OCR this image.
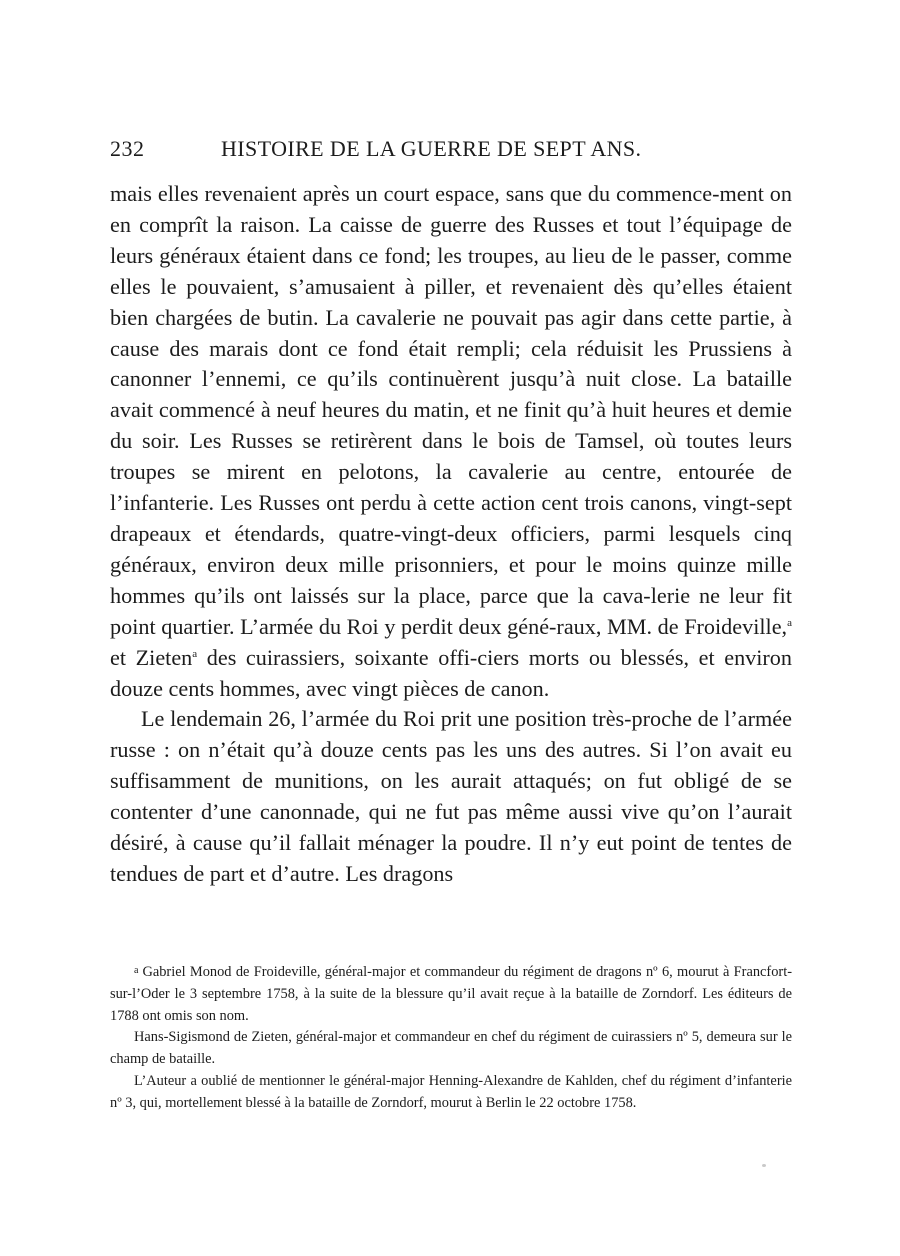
232	HISTOIRE DE LA GUERRE DE SEPT ANS.

mais elles revenaient après un court espace, sans que du commence-ment on en comprît la raison. La caisse de guerre des Russes et tout l’équipage de leurs généraux étaient dans ce fond; les troupes, au lieu de le passer, comme elles le pouvaient, s’amusaient à piller, et revenaient dès qu’elles étaient bien chargées de butin. La cavalerie ne pouvait pas agir dans cette partie, à cause des marais dont ce fond était rempli; cela réduisit les Prussiens à canonner l’ennemi, ce qu’ils continuèrent jusqu’à nuit close. La bataille avait commencé à neuf heures du matin, et ne finit qu’à huit heures et demie du soir. Les Russes se retirèrent dans le bois de Tamsel, où toutes leurs troupes se mirent en pelotons, la cavalerie au centre, entourée de l’infanterie. Les Russes ont perdu à cette action cent trois canons, vingt-sept drapeaux et étendards, quatre-vingt-deux officiers, parmi lesquels cinq généraux, environ deux mille prisonniers, et pour le moins quinze mille hommes qu’ils ont laissés sur la place, parce que la cava-lerie ne leur fit point quartier. L’armée du Roi y perdit deux géné-raux, MM. de Froideville,$^a$ et Zieten$^a$ des cuirassiers, soixante offi-ciers morts ou blessés, et environ douze cents hommes, avec vingt pièces de canon.

Le lendemain 26, l’armée du Roi prit une position très-proche de l’armée russe : on n’était qu’à douze cents pas les uns des autres. Si l’on avait eu suffisamment de munitions, on les aurait attaqués; on fut obligé de se contenter d’une canonnade, qui ne fut pas même aussi vive qu’on l’aurait désiré, à cause qu’il fallait ménager la poudre. Il n’y eut point de tentes de tendues de part et d’autre. Les dragons

$^a$ Gabriel Monod de Froideville, général-major et commandeur du régiment de dragons nº 6, mourut à Francfort-sur-l’Oder le 3 septembre 1758, à la suite de la blessure qu’il avait reçue à la bataille de Zorndorf. Les éditeurs de 1788 ont omis son nom.

Hans-Sigismond de Zieten, général-major et commandeur en chef du régiment de cuirassiers nº 5, demeura sur le champ de bataille.

L’Auteur a oublié de mentionner le général-major Henning-Alexandre de Kahlden, chef du régiment d’infanterie nº 3, qui, mortellement blessé à la bataille de Zorndorf, mourut à Berlin le 22 octobre 1758.
